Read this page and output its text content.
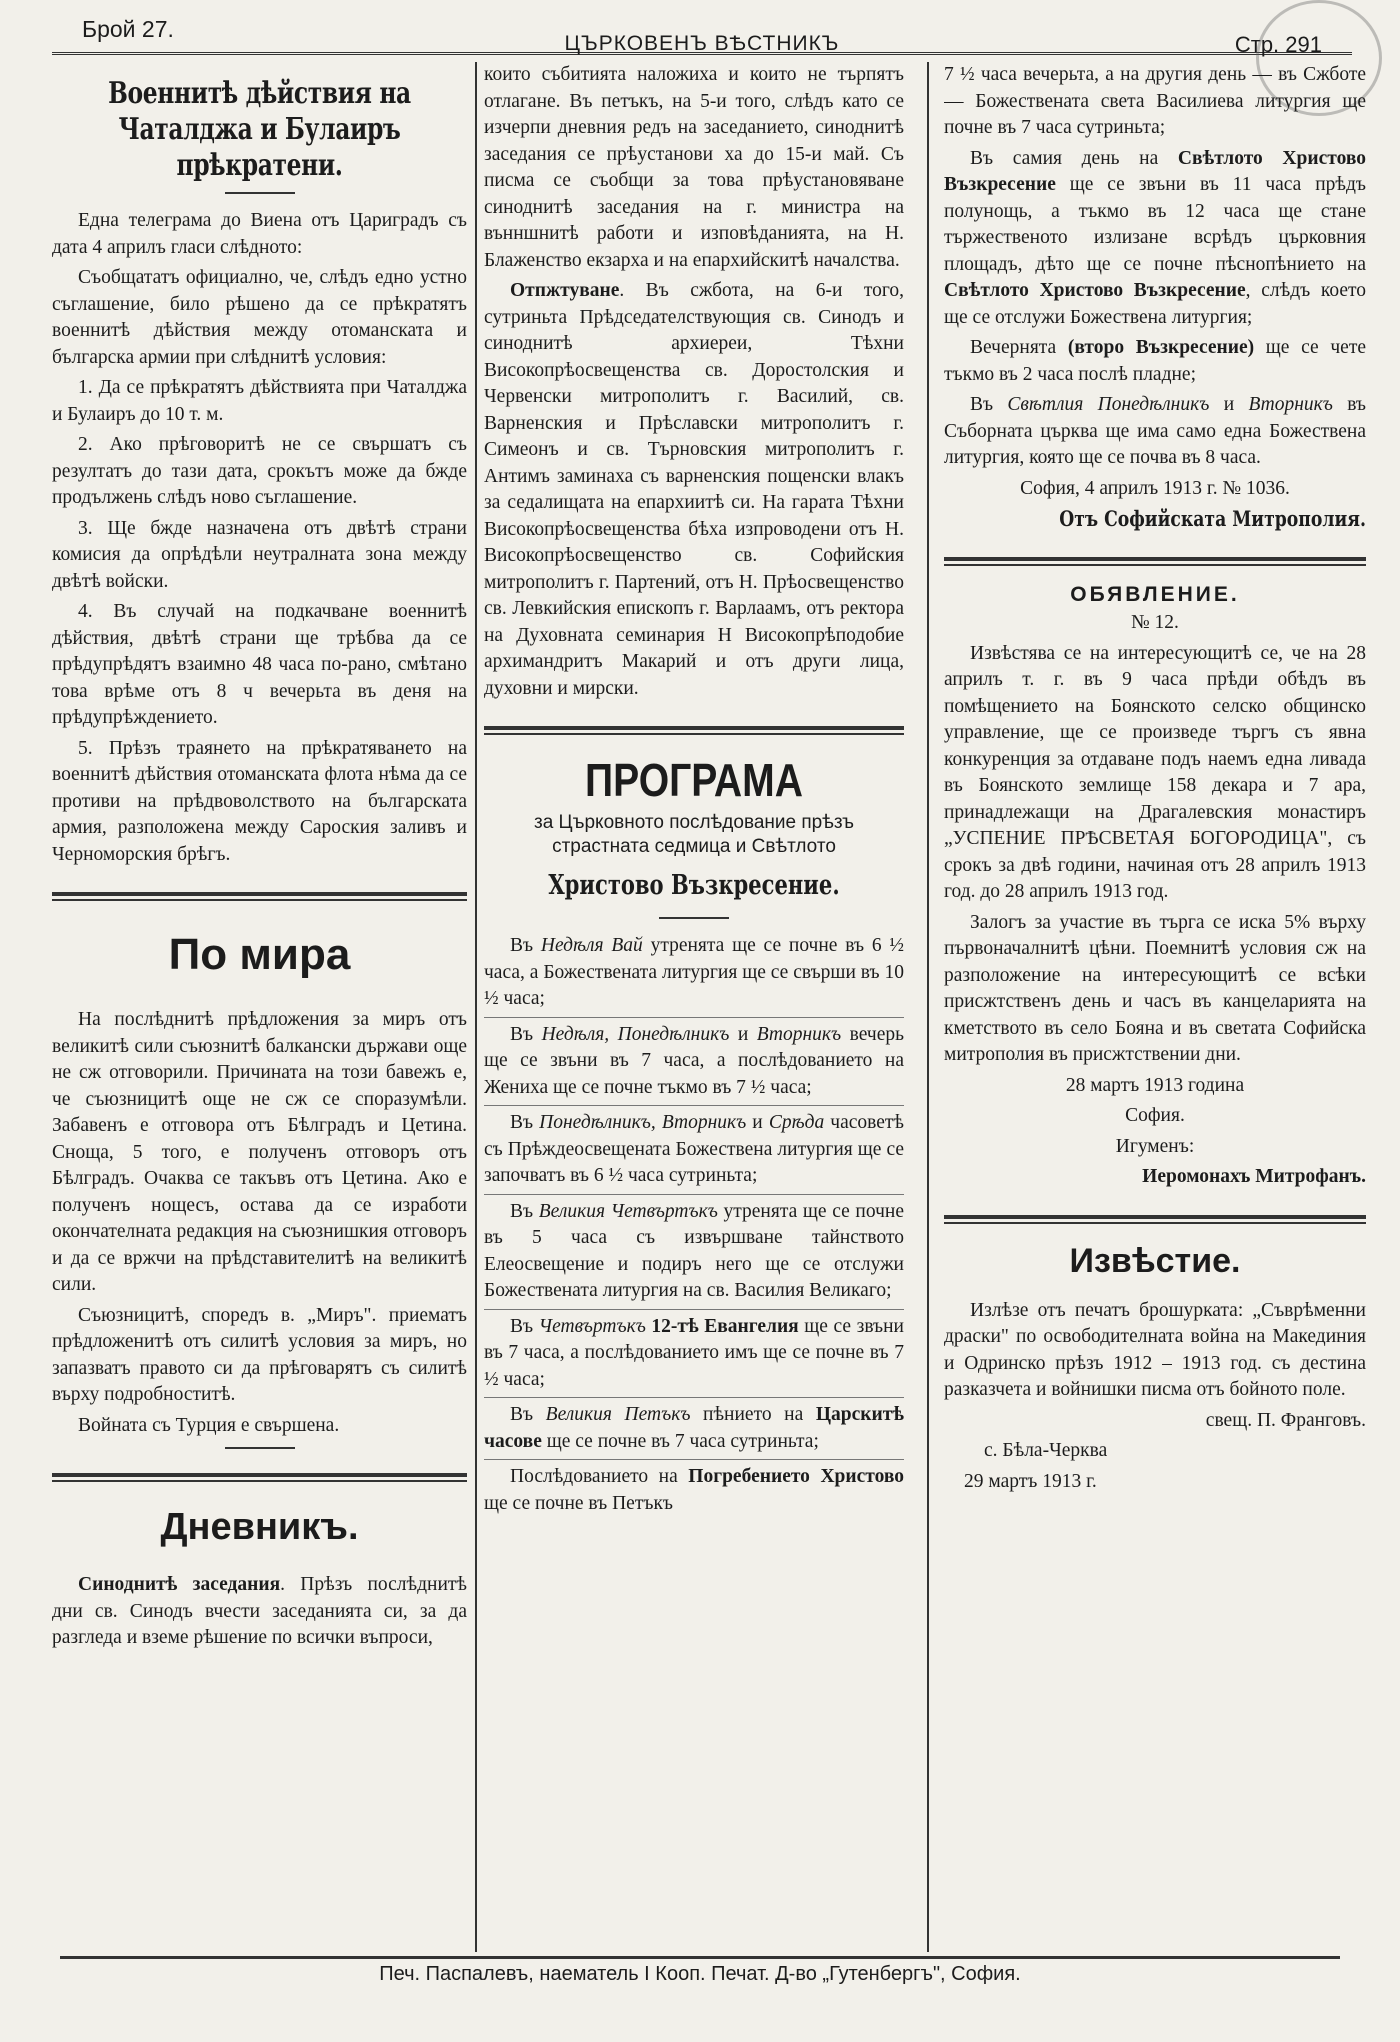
Брой 27.
ЦЪРКОВЕНЪ ВѢСТНИКЪ	Стр. 291
Военнитѣ дѣйствия на Чаталджа и Булаиръ прѣкратени.

Една телеграма до Виена отъ Цариградъ съ дата 4 априлъ гласи слѣдното:

Съобщататъ официално, че, слѣдъ едно устно съглашение, било рѣшено да се прѣкратятъ военнитѣ дѣйствия между отоманската и българска армии при слѣднитѣ условия:

1. Да се прѣкратятъ дѣйствията при Чаталджа и Булаиръ до 10 т. м.

2. Ако прѣговоритѣ не се свършатъ съ резултатъ до тази дата, срокътъ може да бжде продължень слѣдъ ново съглашение.

3. Ще бжде назначена отъ двѣтѣ страни комисия да опрѣдѣли неутралната зона между двѣтѣ войски.

4. Въ случай на подкачване военнитѣ дѣйствия, двѣтѣ страни ще трѣбва да се прѣдупрѣдятъ взаимно 48 часа по-рано, смѣтано това врѣме отъ 8 ч вечерьта въ деня на прѣдупрѣждението.

5. Прѣзъ траянето на прѣкратяването на военнитѣ дѣйствия отоманската флота нѣма да се противи на прѣдвоволството на българската армия, разположена между Сароския заливъ и Черноморския брѣгъ.

По мира

На послѣднитѣ прѣдложения за миръ отъ великитѣ сили съюзнитѣ балкански държави още не сж отговорили. Причината на този бавежъ е, че съюзницитѣ още не сж се споразумѣли. Забавенъ е отговора отъ Бѣлградъ и Цетина. Сноща, 5 того, е полученъ отговоръ отъ Бѣлградъ. Очаква се такъвъ отъ Цетина. Ако е полученъ нощесъ, остава да се изработи окончателната редакция на съюзнишкия отговоръ и да се вржчи на прѣдставителитѣ на великитѣ сили.

Съюзницитѣ, споредъ в. „Миръ". приематъ прѣдложенитѣ отъ силитѣ условия за миръ, но запазватъ правото си да прѣговарятъ съ силитѣ върху подробноститѣ.

Войната съ Турция е свършена.

Дневникъ.

Синоднитѣ заседания. Прѣзъ послѣднитѣ дни св. Синодъ вчести заседанията си, за да разгледа и вземе рѣшение по всички въпроси,

които събитията наложиха и които не търпятъ отлагане. Въ петъкъ, на 5-и того, слѣдъ като се изчерпи дневния редъ на заседанието, синоднитѣ заседания се прѣустанови ха до 15-и май. Съ писма се съобщи за това прѣустановяване синоднитѣ заседания на г. министра на вънншнитѣ работи и изповѣданията, на Н. Блаженство екзарха и на епархийскитѣ началства.

Отпжтуване. Въ сжбота, на 6-и того, сутриньта Прѣдседателствующия св. Синодъ и синоднитѣ архиереи, Тѣхни Високопрѣосвещенства св. Доростолския и Червенски митрополитъ г. Василий, св. Варненския и Прѣславски митрополитъ г. Симеонъ и св. Търновския митрополитъ г. Антимъ заминаха съ варненския пощенски влакъ за седалищата на епархиитѣ си. На гарата Тѣхни Високопрѣосвещенства бѣха изпроводени отъ Н. Високопрѣосвещенство св. Софийския митрополитъ г. Партений, отъ Н. Прѣосвещенство св. Левкийския епископъ г. Варлаамъ, отъ ректора на Духовната семинария Н Високопрѣподобие архимандритъ Макарий и отъ други лица, духовни и мирски.

ПРОГРАМА
за Църковното послѣдование прѣзъ страстната седмица и Свѣтлото
Христово Възкресение.

Въ Недѣля Вай утренята ще се почне въ 6 ½ часа, а Божествената литургия ще се свърши въ 10 ½ часа;

Въ Недѣля, Понедѣлникъ и Вторникъ вечерь ще се звъни въ 7 часа, а послѣдованието на Жениха ще се почне тъкмо въ 7 ½ часа;

Въ Понедѣлникъ, Вторникъ и Срѣда часоветѣ съ Прѣждеосвещената Божествена литургия ще се започватъ въ 6 ½ часа сутриньта;

Въ Великия Четвъртъкъ утренята ще се почне въ 5 часа съ извършване тайнството Елеосвещение и подиръ него ще се отслужи Божествената литургия на св. Василия Великаго;

Въ Четвъртъкъ 12-тѣ Евангелия ще се звъни въ 7 часа, а послѣдованието имъ ще се почне въ 7 ½ часа;

Въ Великия Петъкъ пѣнието на Царскитѣ часове ще се почне въ 7 часа сутриньта;

Послѣдованието на Погребението Христово ще се почне въ Петъкъ

7 ½ часа вечерьта, а на другия день — въ Сжботе — Божествената света Василиева литургия ще почне въ 7 часа сутриньта;

Въ самия день на Свѣтлото Христово Възкресение ще се звъни въ 11 часа прѣдъ полунощь, а тъкмо въ 12 часа ще стане тържественото излизане всрѣдъ църковния площадъ, дѣто ще се почне пѣснопѣнието на Свѣтлото Христово Възкресение, слѣдъ което ще се отслужи Божествена литургия;

Вечернята (второ Възкресение) ще се чете тъкмо въ 2 часа послѣ пладне;

Въ Свѣтлия Понедѣлникъ и Вторникъ въ Съборната църква ще има само една Божествена литургия, която ще се почва въ 8 часа.

София, 4 априлъ 1913 г. № 1036.

Отъ Софийската Митрополия.
ОБЯВЛЕНИЕ.

№ 12.

Извѣстява се на интересующитѣ се, че на 28 априлъ т. г. въ 9 часа прѣди обѣдъ въ помѣщението на Боянското селско общинско управление, ще се произведе търгъ съ явна конкуренция за отдаване подъ наемъ една ливада въ Боянското землище 158 декара и 7 ара, принадлежащи на Драгалевския монастиръ „УСПЕНИЕ ПРѢСВЕТАЯ БОГОРОДИЦА", съ срокъ за двѣ години, начиная отъ 28 априлъ 1913 год. до 28 априлъ 1913 год.

Залогъ за участие въ търга се иска 5% върху първоначалнитѣ цѣни. Поемнитѣ условия сж на разположение на интересующитѣ се всѣки присжтственъ день и часъ въ канцеларията на кметството въ село Бояна и въ светата Софийска митрополия въ присжтствении дни.

28 мартъ 1913 година

София.

Игуменъ:

Иеромонахъ Митрофанъ.

Извѣстие.

Излѣзе отъ печатъ брошурката: „Съврѣменни драски" по освободителната война на Макединия и Одринско прѣзъ 1912 – 1913 год. съ дестина разказчета и войнишки писма отъ бойното поле.

свещ. П. Франговъ.

с. Бѣла-Черква

29 мартъ 1913 г.

Печ. Паспалевъ, наематель I Кооп. Печат. Д-во „Гутенбергъ", София.
